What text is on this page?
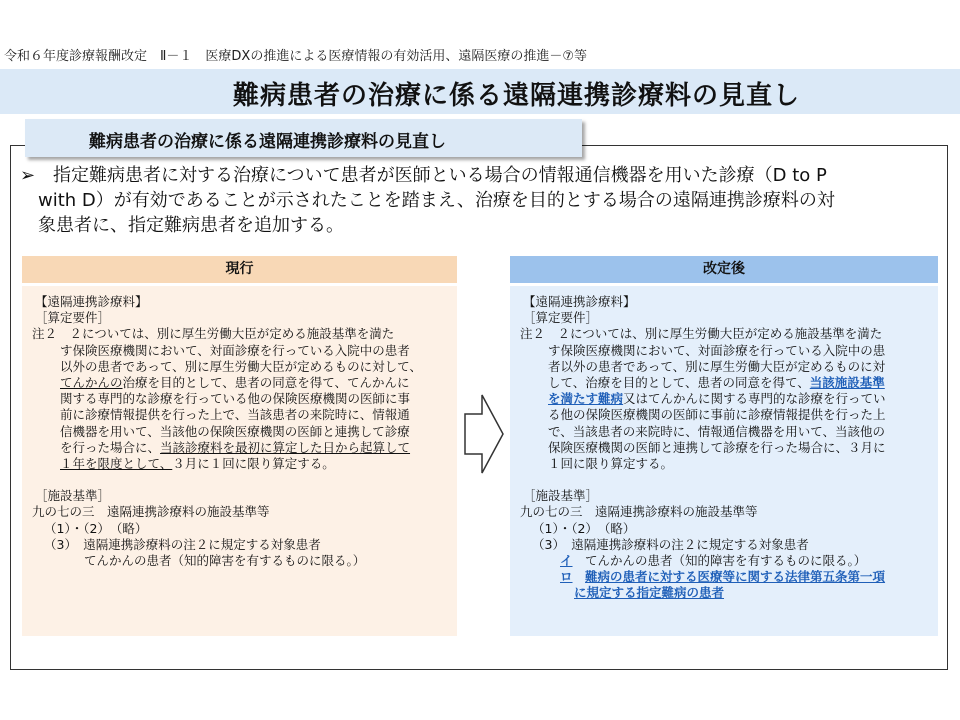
令和６年度診療報酬改定　Ⅱ－１　医療DXの推進による医療情報の有効活用、遠隔医療の推進－⑦等
難病患者の治療に係る遠隔連携診療料の見直し
難病患者の治療に係る遠隔連携診療料の見直し
➢ 指定難病患者に対する治療について患者が医師といる場合の情報通信機器を用いた診療（D to P
with D）が有効であることが示されたことを踏まえ、治療を目的とする場合の遠隔連携診療料の対
象患者に、指定難病患者を追加する。
現行	改定後
【遠隔連携診療料】
［算定要件］
注２　２については、別に厚生労働大臣が定める施設基準を満た
す保険医療機関において、対面診療を行っている入院中の患者
以外の患者であって、別に厚生労働大臣が定めるものに対して、
てんかんの治療を目的として、患者の同意を得て、てんかんに
関する専門的な診療を行っている他の保険医療機関の医師に事
前に診療情報提供を行った上で、当該患者の来院時に、情報通
信機器を用いて、当該他の保険医療機関の医師と連携して診療
を行った場合に、当該診療料を最初に算定した日から起算して
１年を限度として、３月に１回に限り算定する。
［施設基準］
九の七の三　遠隔連携診療料の施設基準等
（1）・（2）　（略）
（3）　遠隔連携診療料の注２に規定する対象患者
てんかんの患者（知的障害を有するものに限る。）
【遠隔連携診療料】
［算定要件］
注２　２については、別に厚生労働大臣が定める施設基準を満た
す保険医療機関において、対面診療を行っている入院中の患
者以外の患者であって、別に厚生労働大臣が定めるものに対
して、治療を目的として、患者の同意を得て、当該施設基準
を満たす難病又はてんかんに関する専門的な診療を行ってい
る他の保険医療機関の医師に事前に診療情報提供を行った上
で、当該患者の来院時に、情報通信機器を用いて、当該他の
保険医療機関の医師と連携して診療を行った場合に、３月に
１回に限り算定する。
［施設基準］
九の七の三　遠隔連携診療料の施設基準等
（1）・（2）　（略）
（3）　遠隔連携診療料の注２に規定する対象患者
イ　 てんかんの患者（知的障害を有するものに限る。）
ロ　 難病の患者に対する医療等に関する法律第五条第一項
に規定する指定難病の患者
